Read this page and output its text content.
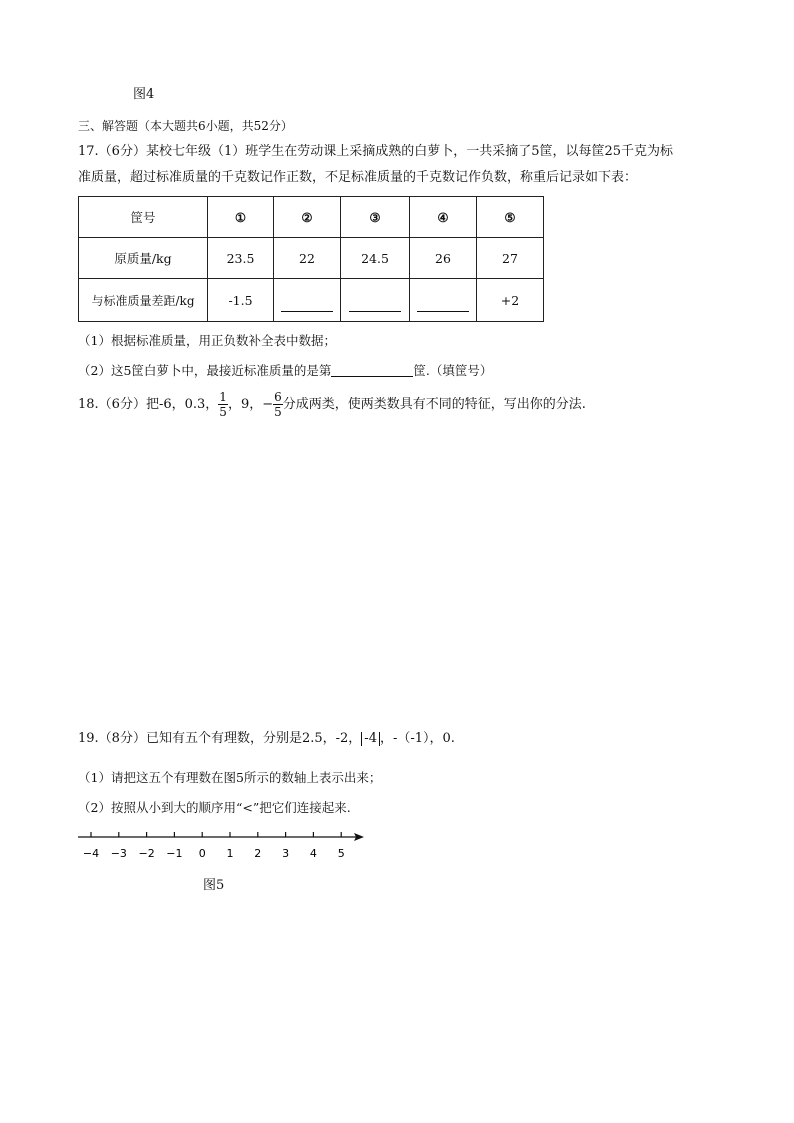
图4
三、解答题（本大题共6小题，共52分）
17.（6分）某校七年级（1）班学生在劳动课上采摘成熟的白萝卜，一共采摘了5筐，以每筐25千克为标
准质量，超过标准质量的千克数记作正数，不足标准质量的千克数记作负数，称重后记录如下表：
筐号	①	②	③	④	⑤
原质量/kg	23.5	22	24.5	26	27
与标准质量差距/kg	-1.5				+2
（1）根据标准质量，用正负数补全表中数据；
（2）这5筐白萝卜中，最接近标准质量的是第	筐.（填筐号）
18.（6分）把-6，0.3， $\frac{1}{5}$ ，9，− $\frac{6}{5}$ 分成两类，使两类数具有不同的特征，写出你的分法.
19.（8分）已知有五个有理数，分别是2.5，-2， -4 ，-（-1），0.
（1）请把这五个有理数在图5所示的数轴上表示出来；
（2）按照从小到大的顺序用“<”把它们连接起来.
−4 −3 −2 −1 0 1 2 3 4 5
图5
